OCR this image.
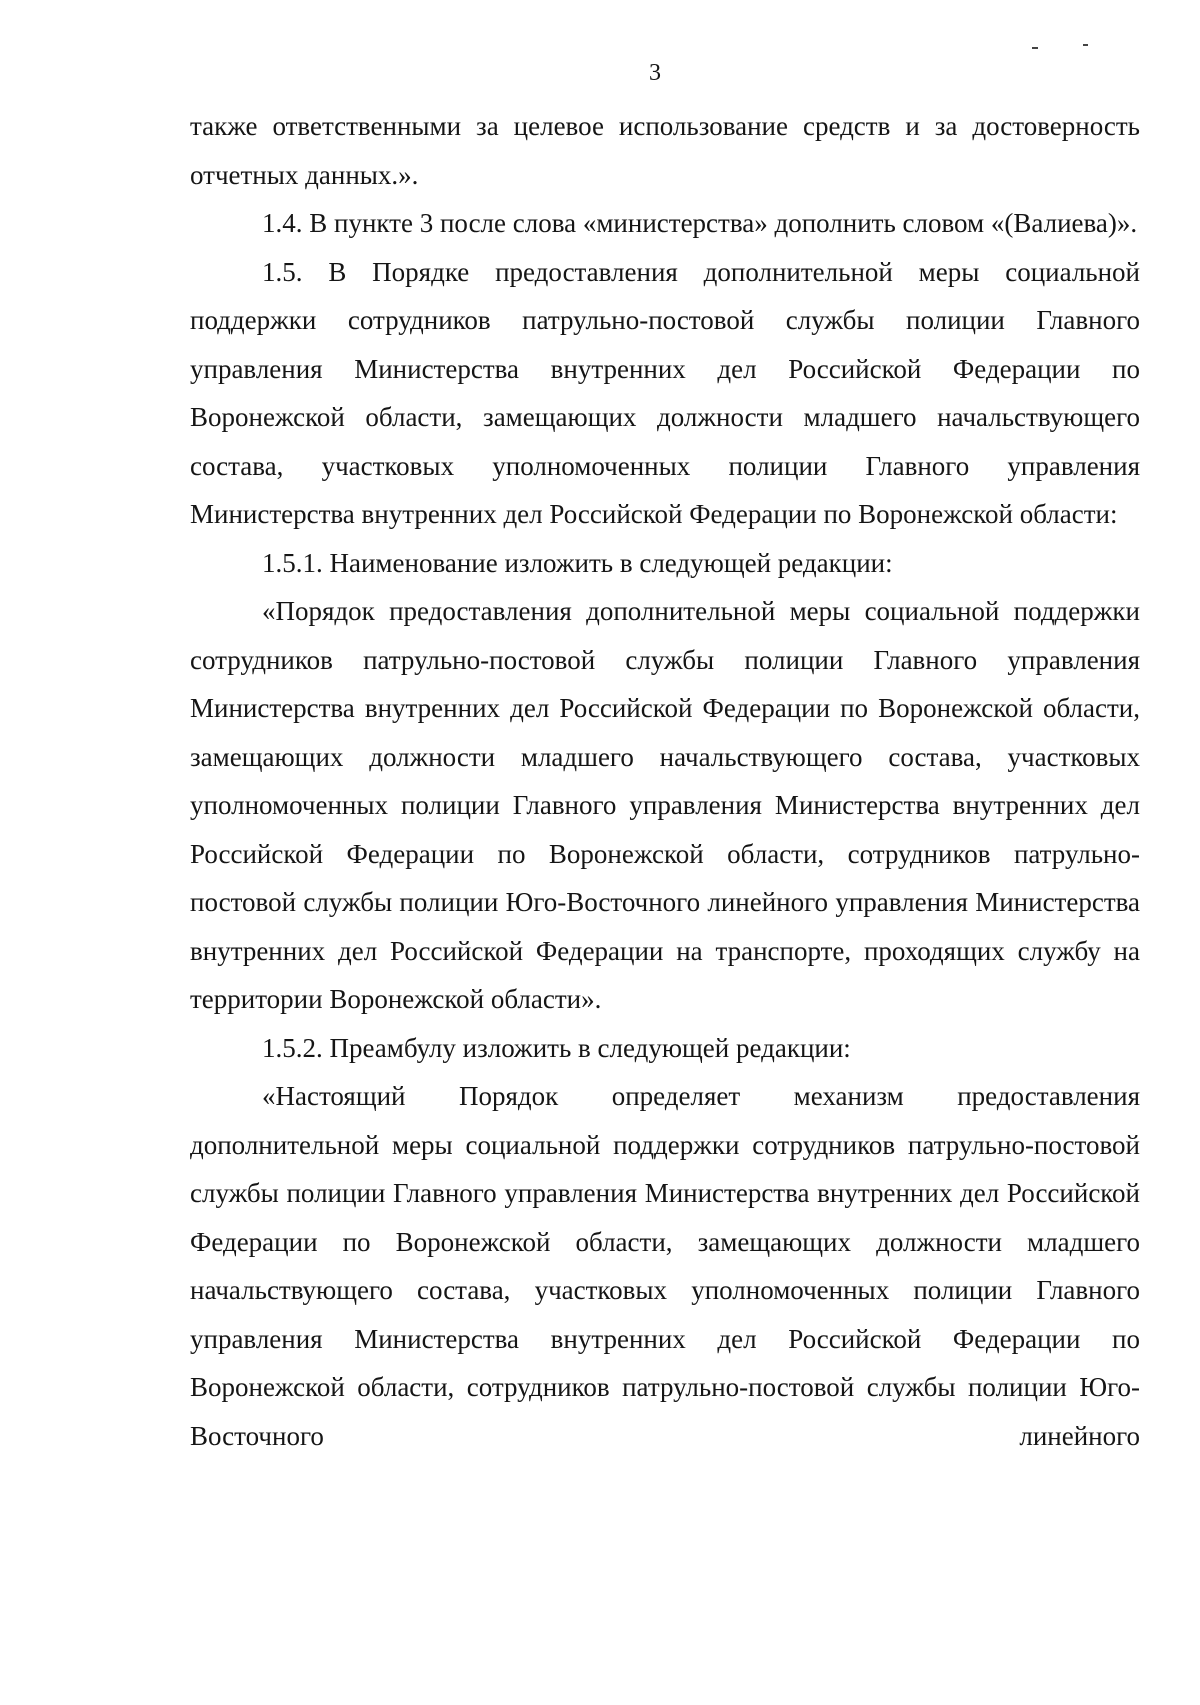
3

также ответственными за целевое использование средств и за достоверность отчетных данных.».

1.4. В пункте 3 после слова «министерства» дополнить словом «(Валиева)».

1.5. В Порядке предоставления дополнительной меры социальной поддержки сотрудников патрульно-постовой службы полиции Главного управления Министерства внутренних дел Российской Федерации по Воронежской области, замещающих должности младшего начальствующего состава, участковых уполномоченных полиции Главного управления Министерства внутренних дел Российской Федерации по Воронежской области:

1.5.1. Наименование изложить в следующей редакции:

«Порядок предоставления дополнительной меры социальной поддержки сотрудников патрульно-постовой службы полиции Главного управления Министерства внутренних дел Российской Федерации по Воронежской области, замещающих должности младшего начальствующего состава, участковых уполномоченных полиции Главного управления Министерства внутренних дел Российской Федерации по Воронежской области, сотрудников патрульно-постовой службы полиции Юго-Восточного линейного управления Министерства внутренних дел Российской Федерации на транспорте, проходящих службу на территории Воронежской области».

1.5.2. Преамбулу изложить в следующей редакции:

«Настоящий Порядок определяет механизм предоставления дополнительной меры социальной поддержки сотрудников патрульно-постовой службы полиции Главного управления Министерства внутренних дел Российской Федерации по Воронежской области, замещающих должности младшего начальствующего состава, участковых уполномоченных полиции Главного управления Министерства внутренних дел Российской Федерации по Воронежской области, сотрудников патрульно-постовой службы полиции Юго-Восточного линейного
